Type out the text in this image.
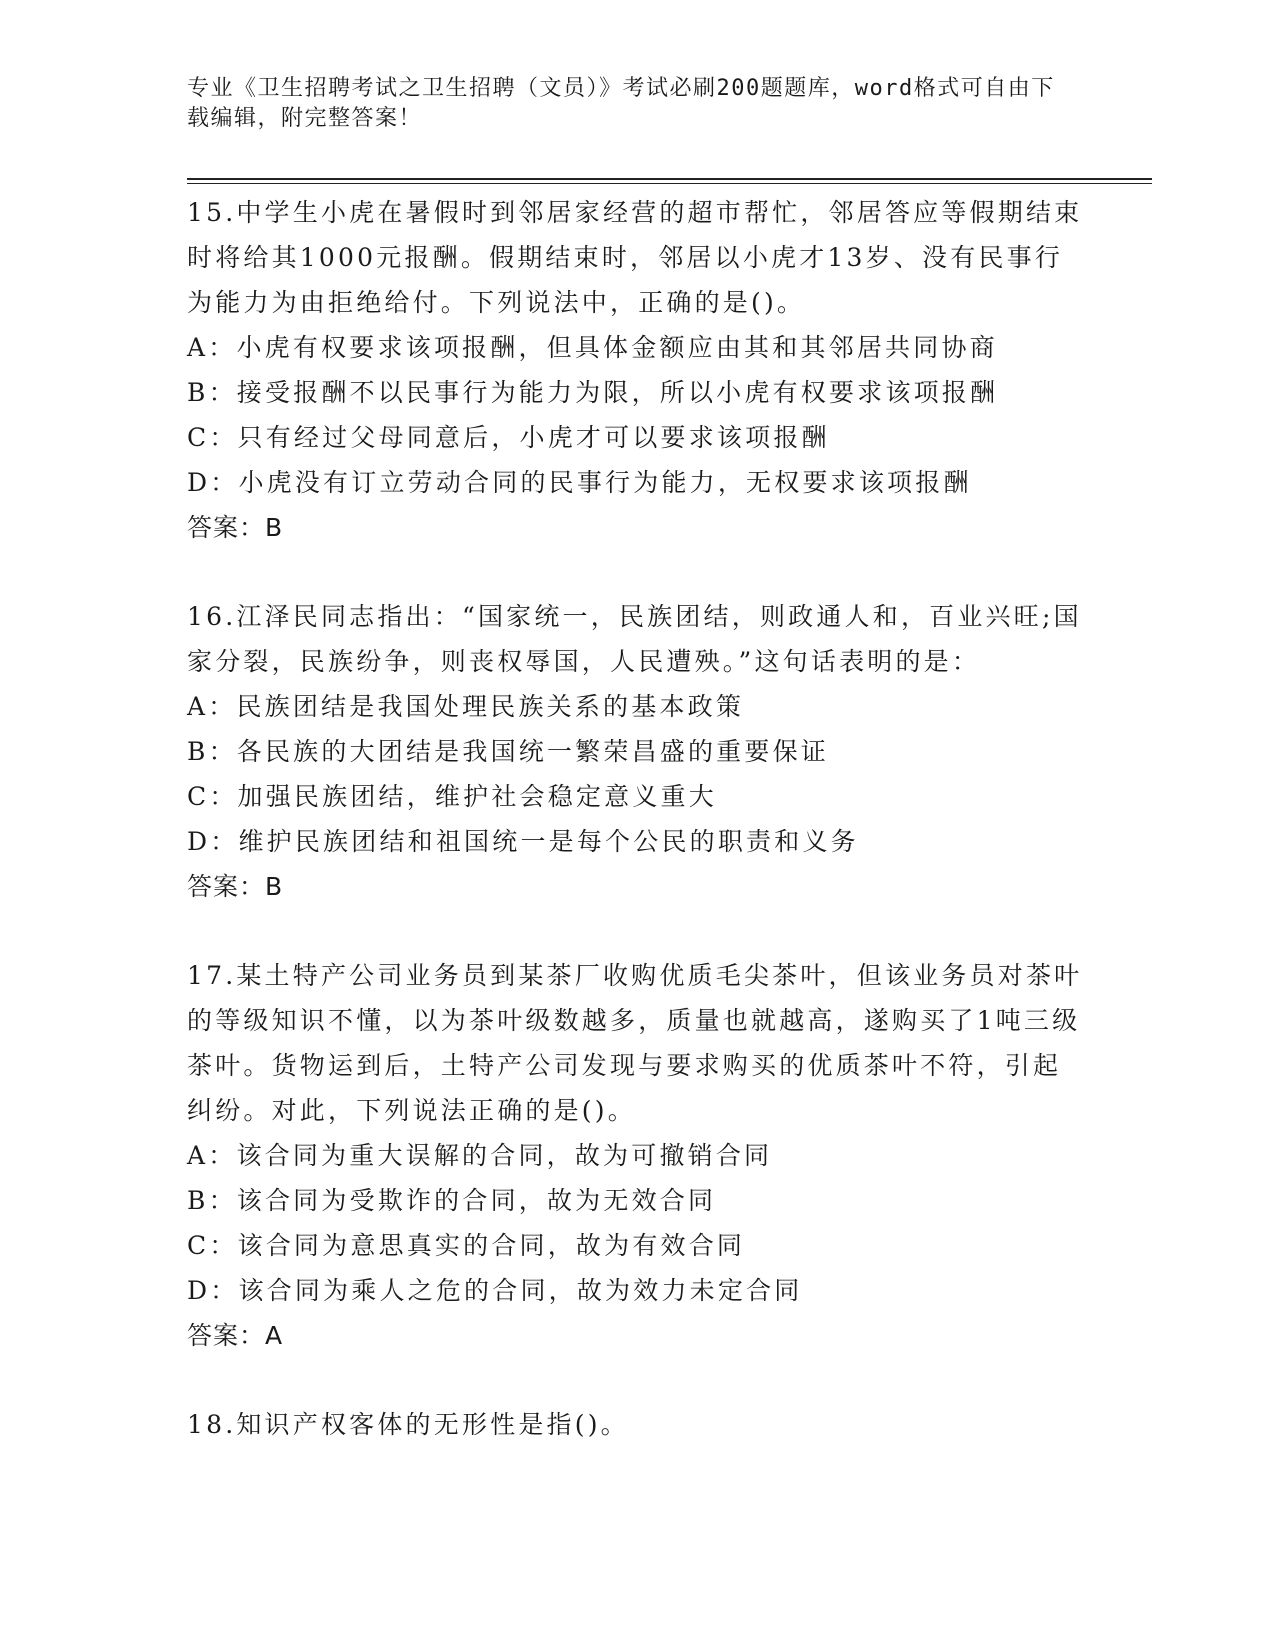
专业《卫生招聘考试之卫生招聘（文员）》考试必刷200题题库，word格式可自由下载编辑，附完整答案！

15.中学生小虎在暑假时到邻居家经营的超市帮忙，邻居答应等假期结束时将给其1000元报酬。假期结束时，邻居以小虎才13岁、没有民事行为能力为由拒绝给付。下列说法中，正确的是()。

A：小虎有权要求该项报酬，但具体金额应由其和其邻居共同协商

B：接受报酬不以民事行为能力为限，所以小虎有权要求该项报酬

C：只有经过父母同意后，小虎才可以要求该项报酬

D：小虎没有订立劳动合同的民事行为能力，无权要求该项报酬

答案：B

16.江泽民同志指出：“国家统一，民族团结，则政通人和，百业兴旺;国家分裂，民族纷争，则丧权辱国，人民遭殃。”这句话表明的是：

A：民族团结是我国处理民族关系的基本政策

B：各民族的大团结是我国统一繁荣昌盛的重要保证

C：加强民族团结，维护社会稳定意义重大

D：维护民族团结和祖国统一是每个公民的职责和义务

答案：B

17.某土特产公司业务员到某茶厂收购优质毛尖茶叶，但该业务员对茶叶的等级知识不懂，以为茶叶级数越多，质量也就越高，遂购买了1吨三级茶叶。货物运到后，土特产公司发现与要求购买的优质茶叶不符，引起纠纷。对此，下列说法正确的是()。

A：该合同为重大误解的合同，故为可撤销合同

B：该合同为受欺诈的合同，故为无效合同

C：该合同为意思真实的合同，故为有效合同

D：该合同为乘人之危的合同，故为效力未定合同

答案：A

18.知识产权客体的无形性是指()。
